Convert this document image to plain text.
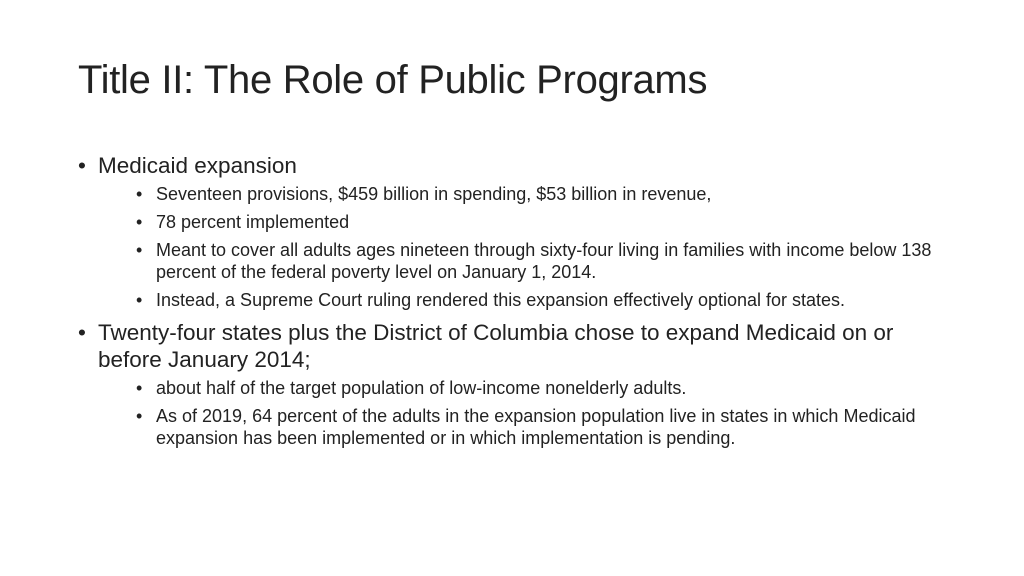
Title II: The Role of Public Programs
• Medicaid expansion
• Seventeen provisions, $459 billion in spending, $53 billion in revenue,
• 78 percent implemented
• Meant to cover all adults ages nineteen through sixty-four living in families with income below 138 percent of the federal poverty level on January 1, 2014.
• Instead, a Supreme Court ruling rendered this expansion effectively optional for states.
• Twenty-four states plus the District of Columbia chose to expand Medicaid on or before January 2014;
• about half of the target population of low-income nonelderly adults.
• As of 2019, 64 percent of the adults in the expansion population live in states in which Medicaid expansion has been implemented or in which implementation is pending.
